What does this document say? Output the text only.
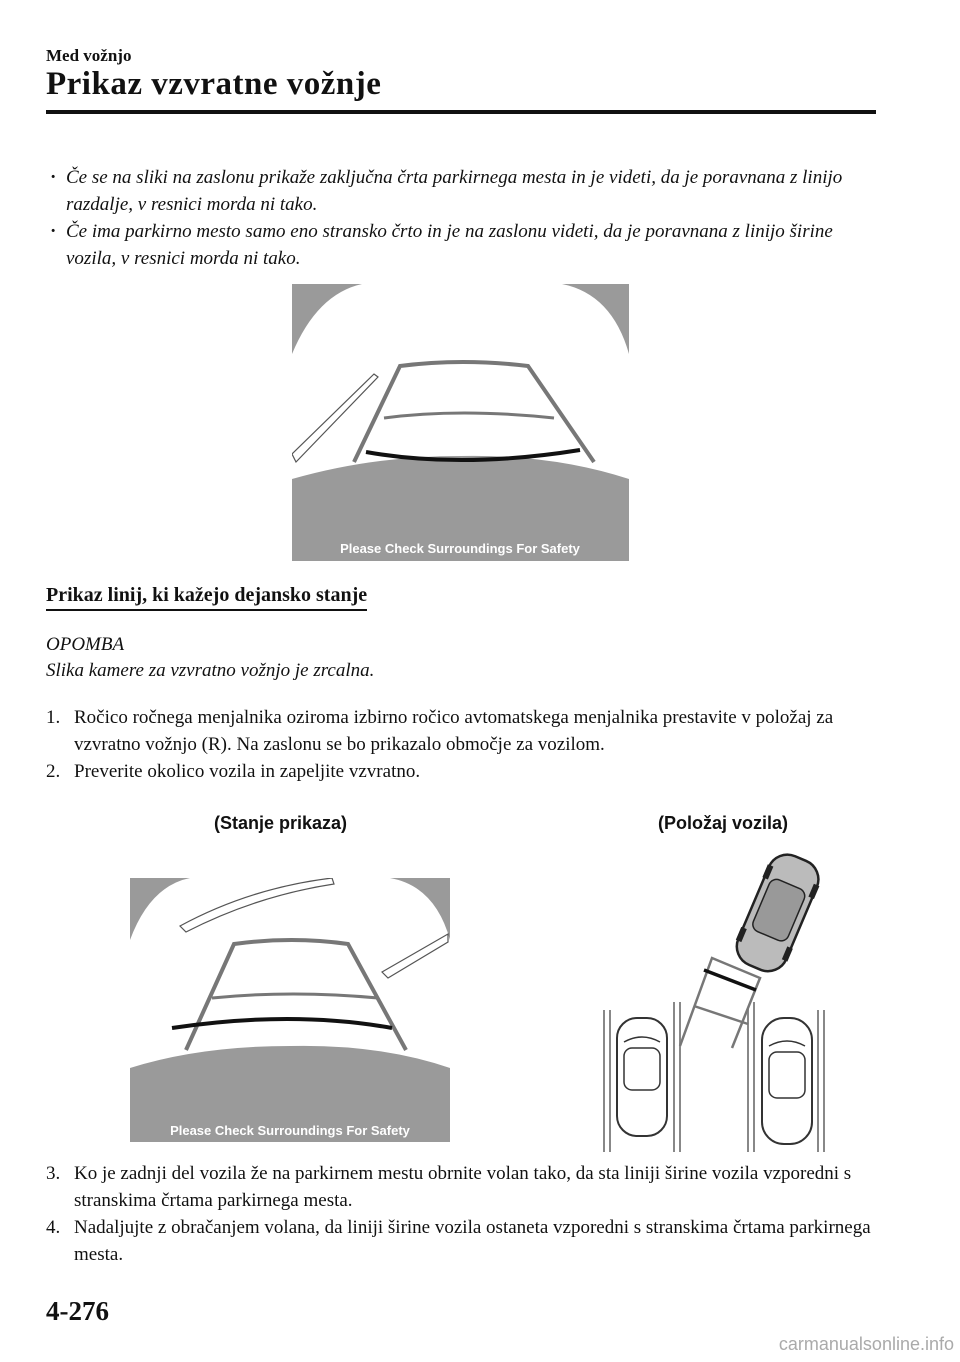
Med vožnjo
Prikaz vzvratne vožnje
· Če se na sliki na zaslonu prikaže zaključna črta parkirnega mesta in je videti, da je poravnana z linijo razdalje, v resnici morda ni tako.
· Če ima parkirno mesto samo eno stransko črto in je na zaslonu videti, da je poravnana z linijo širine vozila, v resnici morda ni tako.
Please Check Surroundings For Safety
Prikaz linij, ki kažejo dejansko stanje
OPOMBA
Slika kamere za vzvratno vožnjo je zrcalna.
1. Ročico ročnega menjalnika oziroma izbirno ročico avtomatskega menjalnika prestavite v položaj za vzvratno vožnjo (R). Na zaslonu se bo prikazalo območje za vozilom.
2. Preverite okolico vozila in zapeljite vzvratno.
(Stanje prikaza)	(Položaj vozila)
Please Check Surroundings For Safety
3. Ko je zadnji del vozila že na parkirnem mestu obrnite volan tako, da sta liniji širine vozila vzporedni s stranskima črtama parkirnega mesta.
4. Nadaljujte z obračanjem volana, da liniji širine vozila ostaneta vzporedni s stranskima črtama parkirnega mesta.
4-276
carmanualsonline.info
